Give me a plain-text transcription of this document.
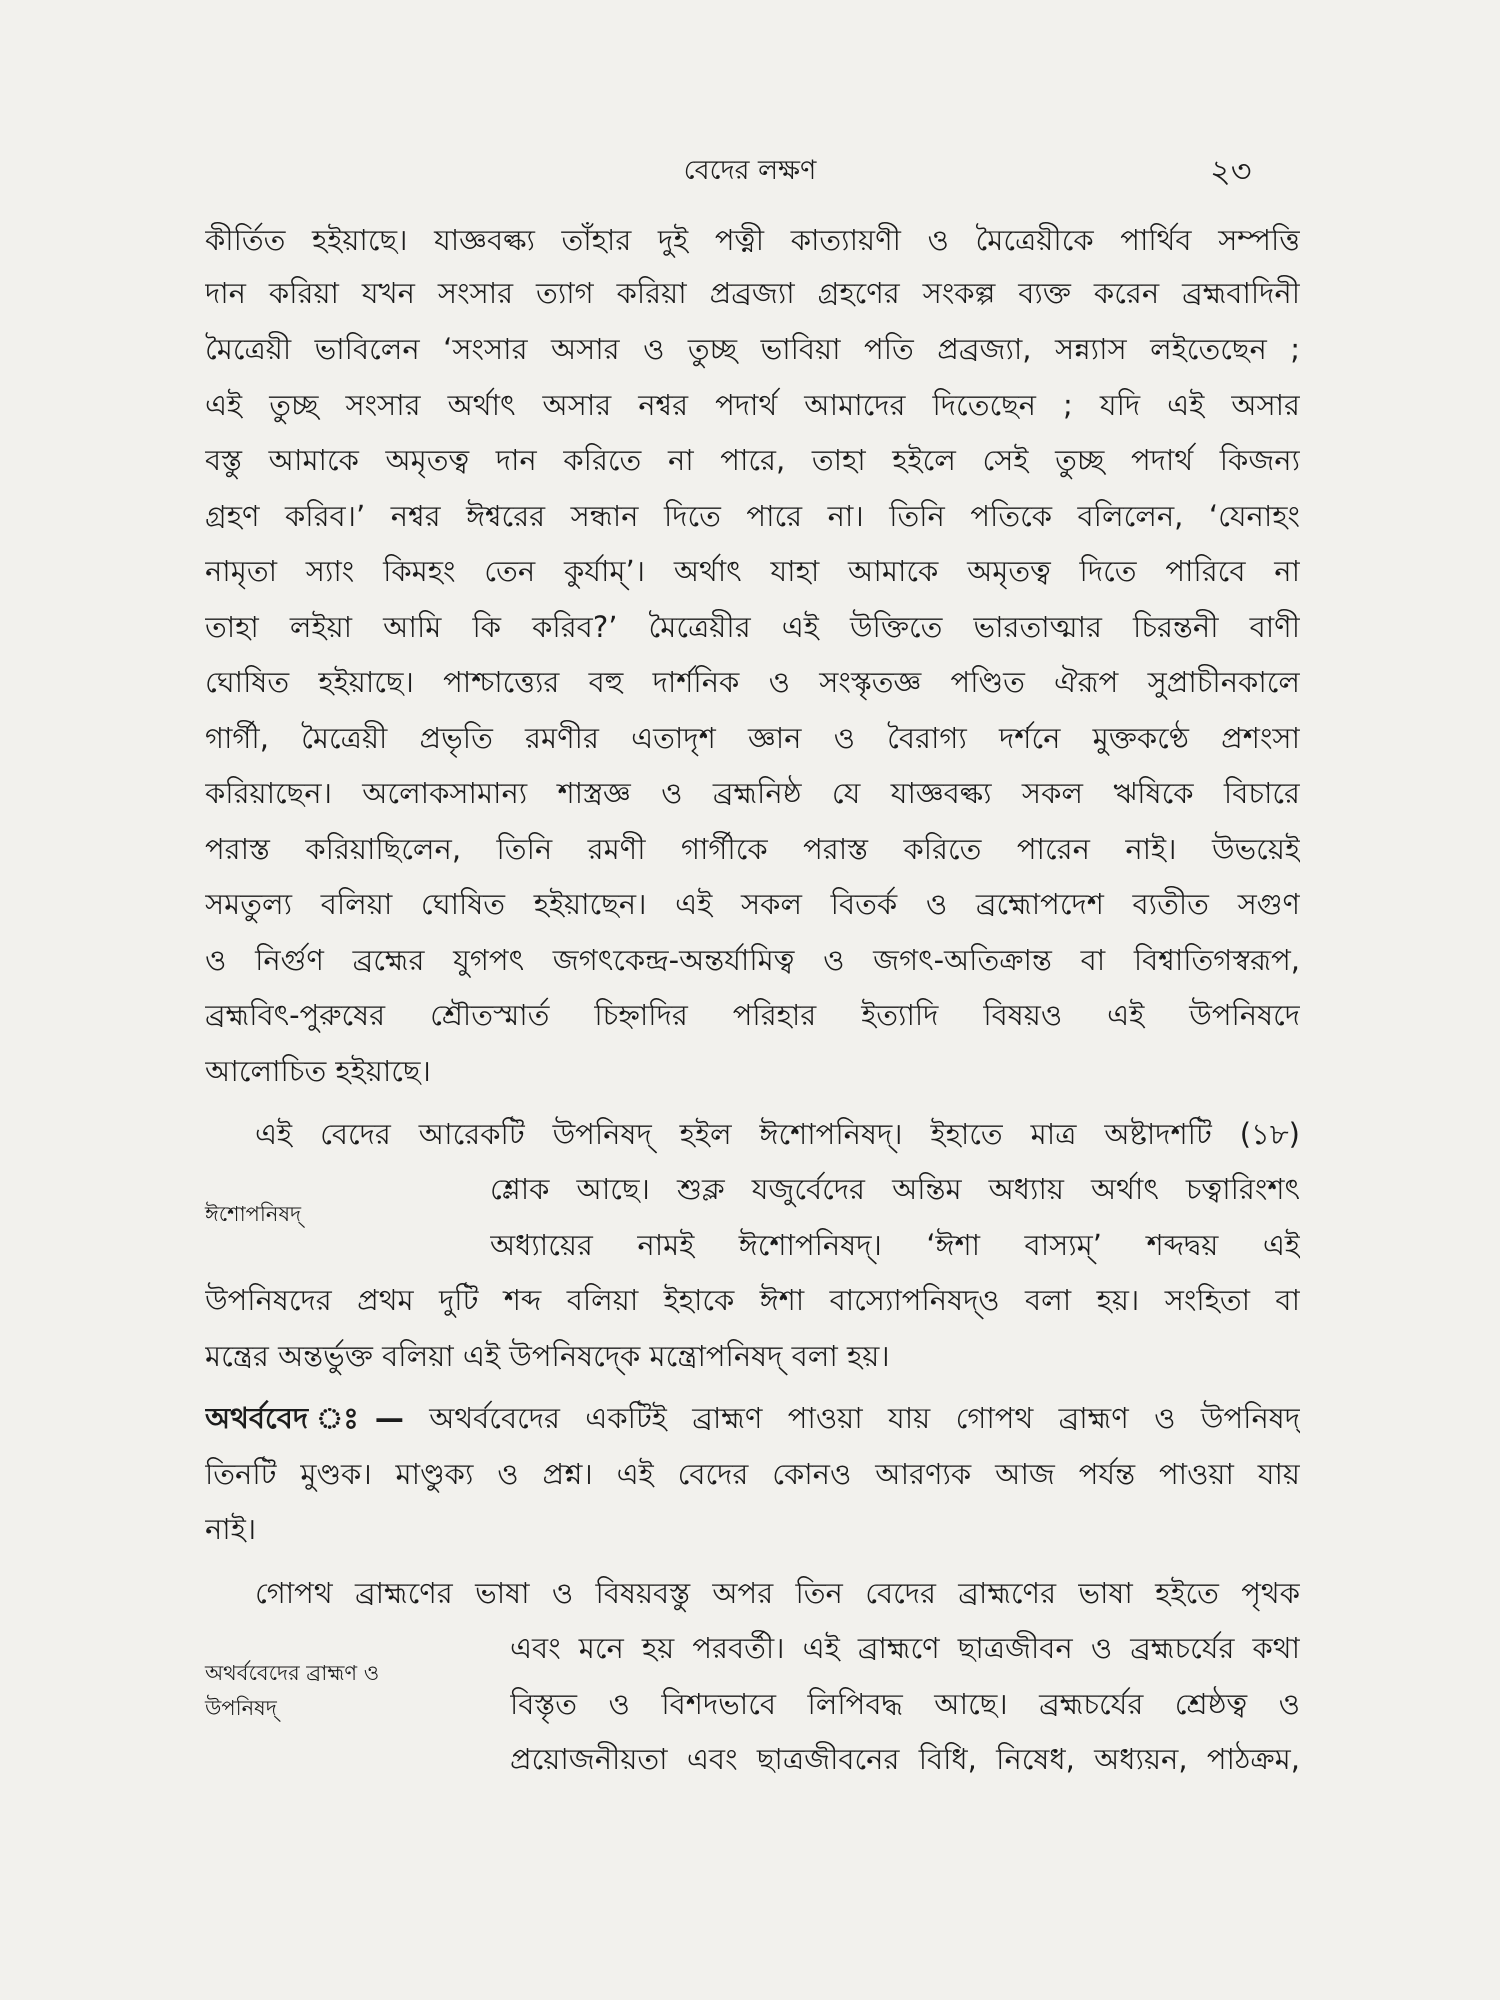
বেদের লক্ষণ	২৩
কীর্তিত হইয়াছে। যাজ্ঞবল্ক্য তাঁহার দুই পত্নী কাত্যায়ণী ও মৈত্রেয়ীকে পার্থিব সম্পত্তি
দান করিয়া যখন সংসার ত্যাগ করিয়া প্রব্রজ্যা গ্রহণের সংকল্প ব্যক্ত করেন ব্রহ্মবাদিনী
মৈত্রেয়ী ভাবিলেন ‘সংসার অসার ও তুচ্ছ ভাবিয়া পতি প্রব্রজ্যা, সন্ন্যাস লইতেছেন ;
এই তুচ্ছ সংসার অর্থাৎ অসার নশ্বর পদার্থ আমাদের দিতেছেন ; যদি এই অসার
বস্তু আমাকে অমৃতত্ব দান করিতে না পারে, তাহা হইলে সেই তুচ্ছ পদার্থ কিজন্য
গ্রহণ করিব।’ নশ্বর ঈশ্বরের সন্ধান দিতে পারে না। তিনি পতিকে বলিলেন, ‘যেনাহং
নামৃতা স্যাং কিমহং তেন কুর্যাম্’। অর্থাৎ যাহা আমাকে অমৃতত্ব দিতে পারিবে না
তাহা লইয়া আমি কি করিব?’ মৈত্রেয়ীর এই উক্তিতে ভারতাত্মার চিরন্তনী বাণী
ঘোষিত হইয়াছে। পাশ্চাত্ত্যের বহু দার্শনিক ও সংস্কৃতজ্ঞ পণ্ডিত ঐরূপ সুপ্রাচীনকালে
গার্গী, মৈত্রেয়ী প্রভৃতি রমণীর এতাদৃশ জ্ঞান ও বৈরাগ্য দর্শনে মুক্তকণ্ঠে প্রশংসা
করিয়াছেন। অলোকসামান্য শাস্ত্রজ্ঞ ও ব্রহ্মনিষ্ঠ যে যাজ্ঞবল্ক্য সকল ঋষিকে বিচারে
পরাস্ত করিয়াছিলেন, তিনি রমণী গার্গীকে পরাস্ত করিতে পারেন নাই। উভয়েই
সমতুল্য বলিয়া ঘোষিত হইয়াছেন। এই সকল বিতর্ক ও ব্রহ্মোপদেশ ব্যতীত সগুণ
ও নির্গুণ ব্রহ্মের যুগপৎ জগৎকেন্দ্র-অন্তর্যামিত্ব ও জগৎ-অতিক্রান্ত বা বিশ্বাতিগস্বরূপ,
ব্রহ্মবিৎ-পুরুষের শ্রৌতস্মার্ত চিহ্নাদির পরিহার ইত্যাদি বিষয়ও এই উপনিষদে
আলোচিত হইয়াছে।
এই বেদের আরেকটি উপনিষদ্ হইল ঈশোপনিষদ্। ইহাতে মাত্র অষ্টাদশটি (১৮)
শ্লোক আছে। শুক্ল যজুর্বেদের অন্তিম অধ্যায় অর্থাৎ চত্বারিংশৎ
ঈশোপনিষদ্
অধ্যায়ের নামই ঈশোপনিষদ্। ‘ঈশা বাস্যম্’ শব্দদ্বয় এই
উপনিষদের প্রথম দুটি শব্দ বলিয়া ইহাকে ঈশা বাস্যোপনিষদ্ও বলা হয়। সংহিতা বা
মন্ত্রের অন্তর্ভুক্ত বলিয়া এই উপনিষদ্কে মন্ত্রোপনিষদ্ বলা হয়।
অথর্ববেদ ঃ— অথর্ববেদের একটিই ব্রাহ্মণ পাওয়া যায় গোপথ ব্রাহ্মণ ও উপনিষদ্
তিনটি মুণ্ডক। মাণ্ডুক্য ও প্রশ্ন। এই বেদের কোনও আরণ্যক আজ পর্যন্ত পাওয়া যায়
নাই।
গোপথ ব্রাহ্মণের ভাষা ও বিষয়বস্তু অপর তিন বেদের ব্রাহ্মণের ভাষা হইতে পৃথক
এবং মনে হয় পরবর্তী। এই ব্রাহ্মণে ছাত্রজীবন ও ব্রহ্মচর্যের কথা
অথর্ববেদের ব্রাহ্মণ ও
উপনিষদ্	বিস্তৃত ও বিশদভাবে লিপিবদ্ধ আছে। ব্রহ্মচর্যের শ্রেষ্ঠত্ব ও
প্রয়োজনীয়তা এবং ছাত্রজীবনের বিধি, নিষেধ, অধ্যয়ন, পাঠক্রম,
